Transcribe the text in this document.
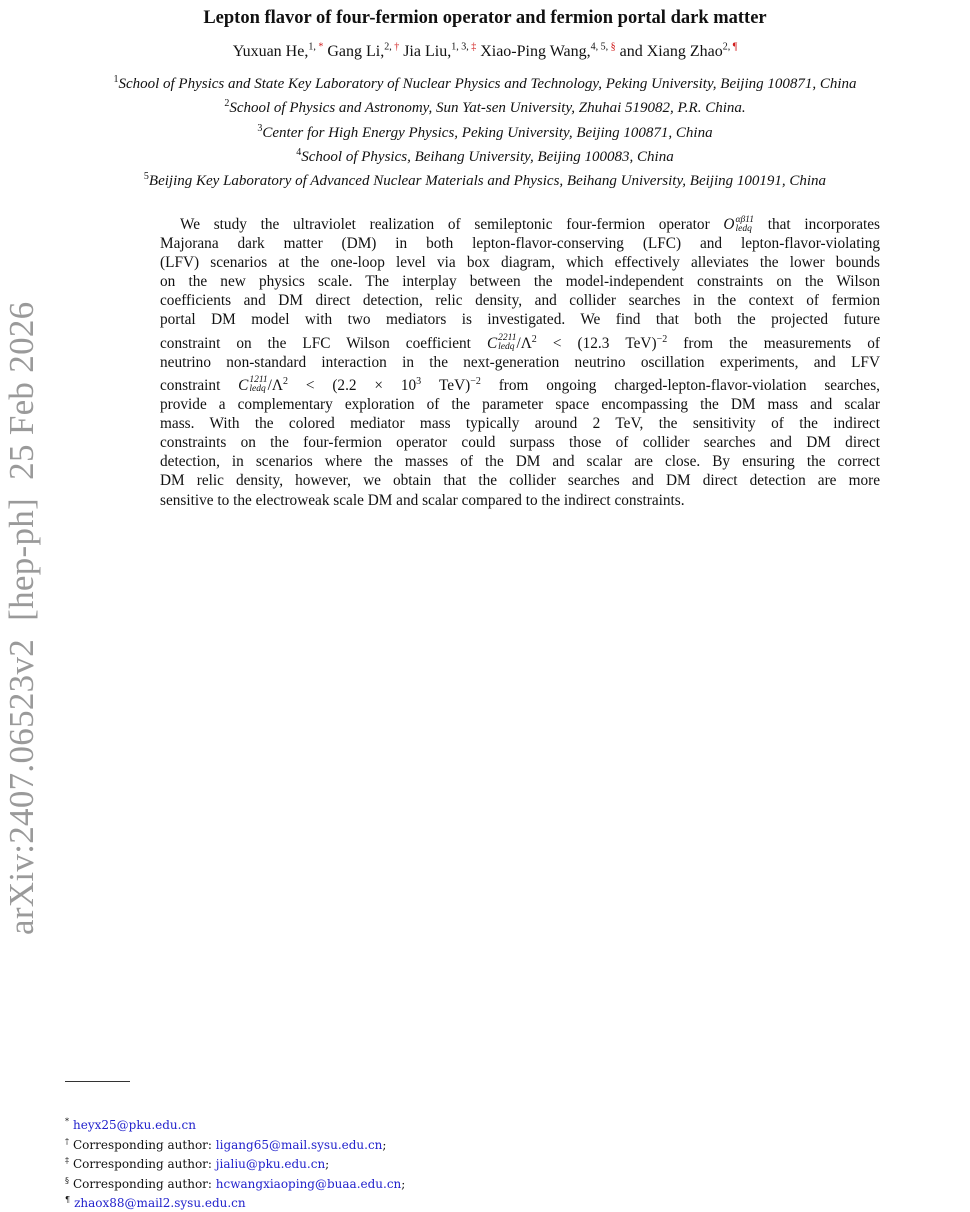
arXiv:2407.06523v2  [hep-ph]  25 Feb 2026
Lepton flavor of four-fermion operator and fermion portal dark matter
Yuxuan He,$^{1, *}$ Gang Li,$^{2, \dagger}$ Jia Liu,$^{1, 3, \ddagger}$ Xiao-Ping Wang,$^{4, 5, \S}$ and Xiang Zhao$^{2, \P}$
$^1$School of Physics and State Key Laboratory of Nuclear Physics and Technology, Peking University, Beijing 100871, China
$^2$School of Physics and Astronomy, Sun Yat-sen University, Zhuhai 519082, P.R. China.
$^3$Center for High Energy Physics, Peking University, Beijing 100871, China
$^4$School of Physics, Beihang University, Beijing 100083, China
$^5$Beijing Key Laboratory of Advanced Nuclear Materials and Physics, Beihang University, Beijing 100191, China
We study the ultraviolet realization of semileptonic four-fermion operator O αβ11
ledq that incorporates
Majorana dark matter (DM) in both lepton-flavor-conserving (LFC) and lepton-flavor-violating
(LFV) scenarios at the one-loop level via box diagram, which effectively alleviates the lower bounds
on the new physics scale. The interplay between the model-independent constraints on the Wilson
coefficients and DM direct detection, relic density, and collider searches in the context of fermion
portal DM model with two mediators is investigated. We find that both the projected future
constraint on the LFC Wilson coefficient C 2211
ledq $/\Lambda^2 < (12.3$ TeV)$^{-2}$ from the measurements of
neutrino non-standard interaction in the next-generation neutrino oscillation experiments, and LFV
constraint C 1211
ledq $/\Lambda^2 < (2.2 \times 10^3$ TeV)$^{-2}$ from ongoing charged-lepton-flavor-violation searches,
provide a complementary exploration of the parameter space encompassing the DM mass and scalar
mass. With the colored mediator mass typically around 2 TeV, the sensitivity of the indirect
constraints on the four-fermion operator could surpass those of collider searches and DM direct
detection, in scenarios where the masses of the DM and scalar are close. By ensuring the correct
DM relic density, however, we obtain that the collider searches and DM direct detection are more
sensitive to the electroweak scale DM and scalar compared to the indirect constraints.
* heyx25@pku.edu.cn
† Corresponding author: ligang65@mail.sysu.edu.cn;
‡ Corresponding author: jialiu@pku.edu.cn;
§ Corresponding author: hcwangxiaoping@buaa.edu.cn;
¶ zhaox88@mail2.sysu.edu.cn
